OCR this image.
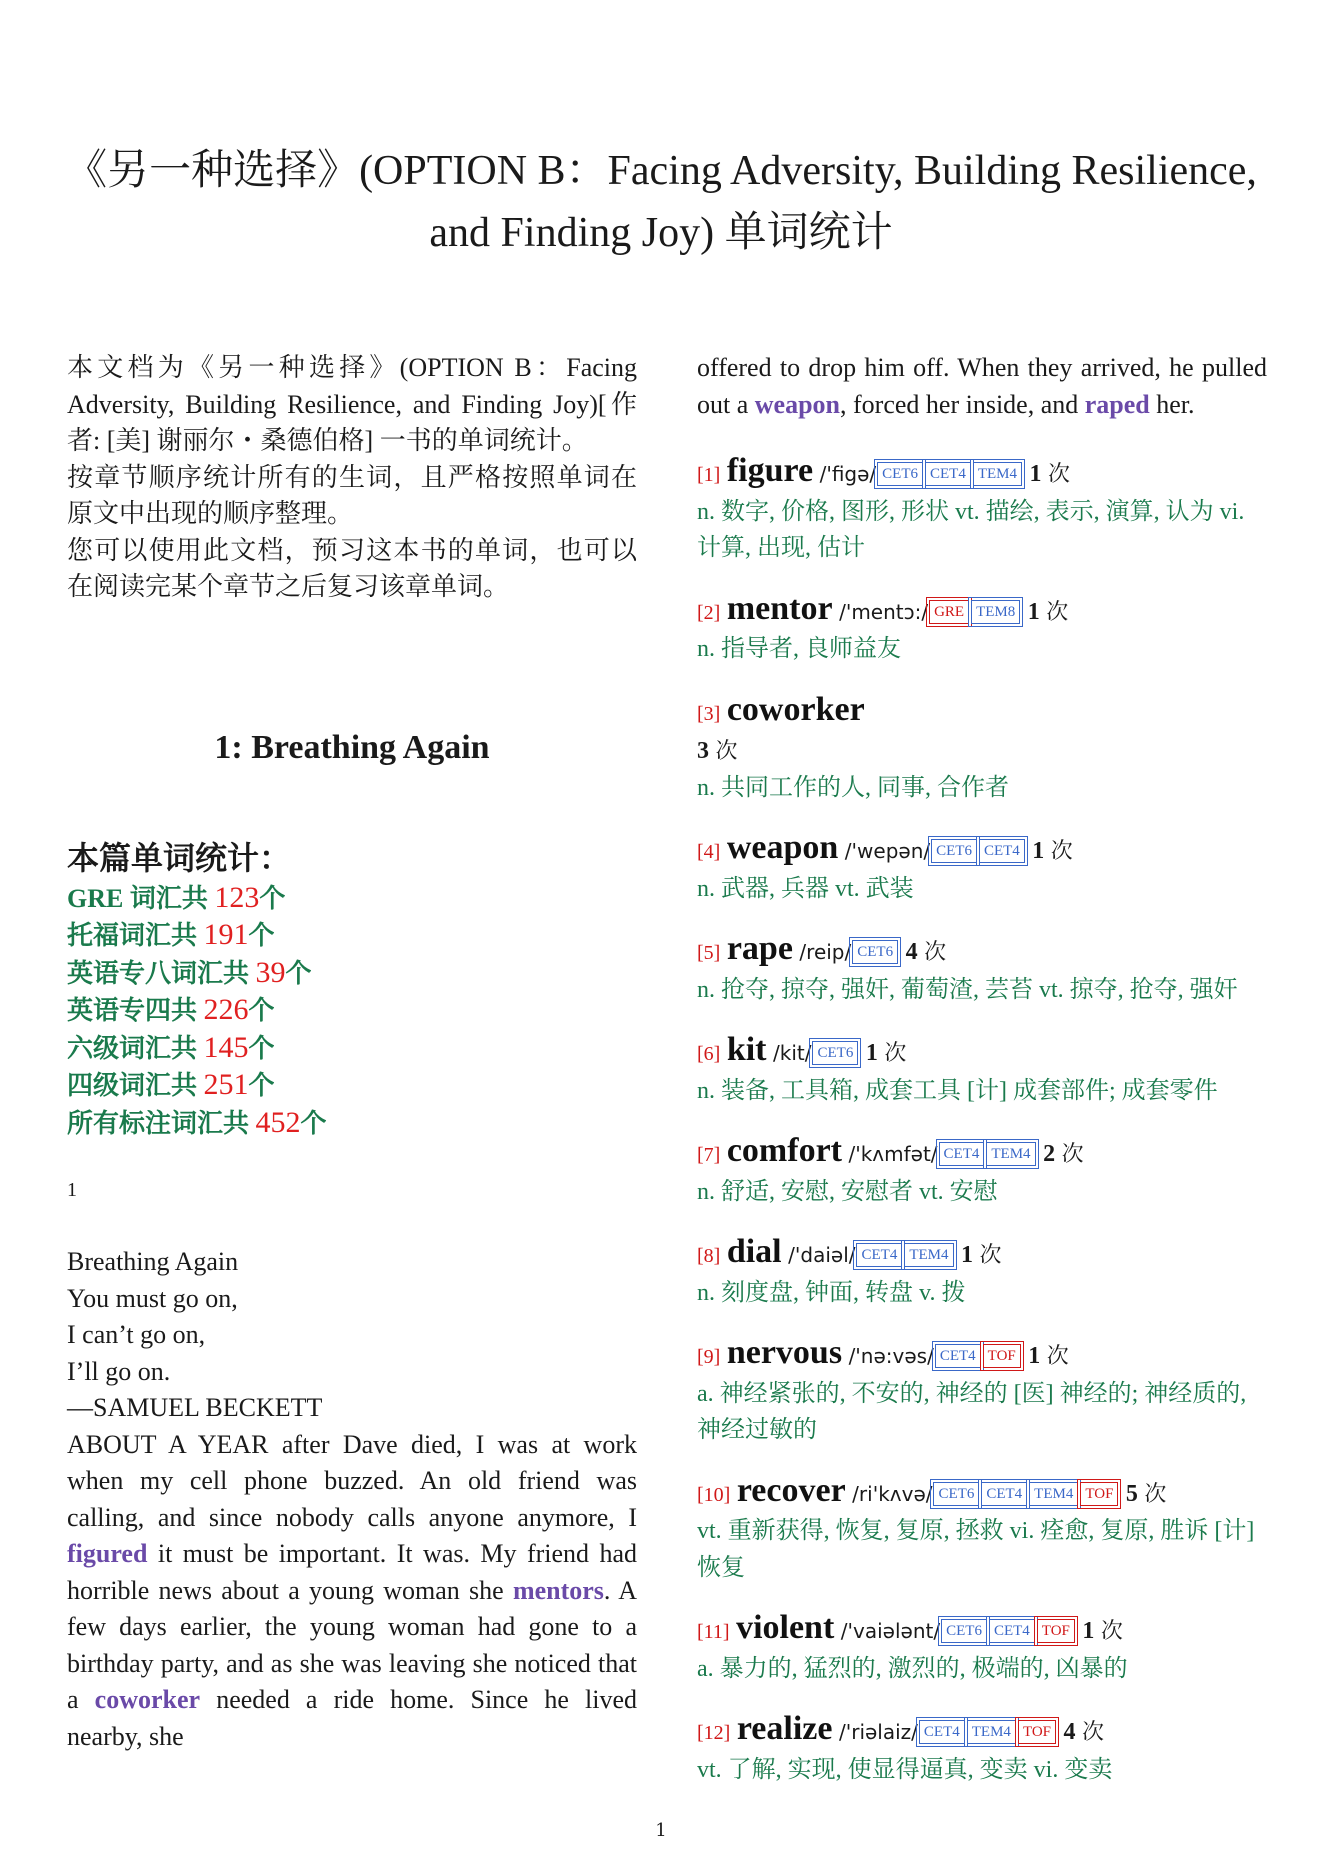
《另一种选择》(OPTION B：Facing Adversity, Building Resilience, and Finding Joy) 单词统计

本文档为《另一种选择》(OPTION B：Facing Adversity, Building Resilience, and Finding Joy)[作者: [美] 谢丽尔・桑德伯格] 一书的单词统计。

按章节顺序统计所有的生词，且严格按照单词在原文中出现的顺序整理。

您可以使用此文档，预习这本书的单词，也可以在阅读完某个章节之后复习该章单词。

1: Breathing Again
本篇单词统计：
GRE 词汇共 123个
托福词汇共 191个
英语专八词汇共 39个
英语专四共 226个
六级词汇共 145个
四级词汇共 251个
所有标注词汇共 452个
1
Breathing Again
You must go on,
I can’t go on,
I’ll go on.
—SAMUEL BECKETT
ABOUT A YEAR after Dave died, I was at work when my cell phone buzzed. An old friend was calling, and since nobody calls anyone anymore, I figured it must be important. It was. My friend had horrible news about a young woman she mentors. A few days earlier, the young woman had gone to a birthday party, and as she was leaving she noticed that a coworker needed a ride home. Since he lived nearby, she
offered to drop him off. When they arrived, he pulled out a weapon, forced her inside, and raped her.
[1] figure /'figə/ CET6 CET4 TEM4 1 次
n. 数字, 价格, 图形, 形状 vt. 描绘, 表示, 演算, 认为 vi. 计算, 出现, 估计
[2] mentor /'mentɔ:/ GRE TEM8 1 次
n. 指导者, 良师益友
[3] coworker
3 次
n. 共同工作的人, 同事, 合作者
[4] weapon /'wepən/ CET6 CET4 1 次
n. 武器, 兵器 vt. 武装
[5] rape /reip/ CET6 4 次
n. 抢夺, 掠夺, 强奸, 葡萄渣, 芸苔 vt. 掠夺, 抢夺, 强奸
[6] kit /kit/ CET6 1 次
n. 装备, 工具箱, 成套工具 [计] 成套部件; 成套零件
[7] comfort /'kʌmfət/ CET4 TEM4 2 次
n. 舒适, 安慰, 安慰者 vt. 安慰
[8] dial /'daiəl/ CET4 TEM4 1 次
n. 刻度盘, 钟面, 转盘 v. 拨
[9] nervous /'nə:vəs/ CET4 TOF 1 次
a. 神经紧张的, 不安的, 神经的 [医] 神经的; 神经质的, 神经过敏的
[10] recover /ri'kʌvə/ CET6 CET4 TEM4 TOF 5 次
vt. 重新获得, 恢复, 复原, 拯救 vi. 痊愈, 复原, 胜诉 [计] 恢复
[11] violent /'vaiələnt/ CET6 CET4 TOF 1 次
a. 暴力的, 猛烈的, 激烈的, 极端的, 凶暴的
[12] realize /'riəlaiz/ CET4 TEM4 TOF 4 次
vt. 了解, 实现, 使显得逼真, 变卖 vi. 变卖
1
